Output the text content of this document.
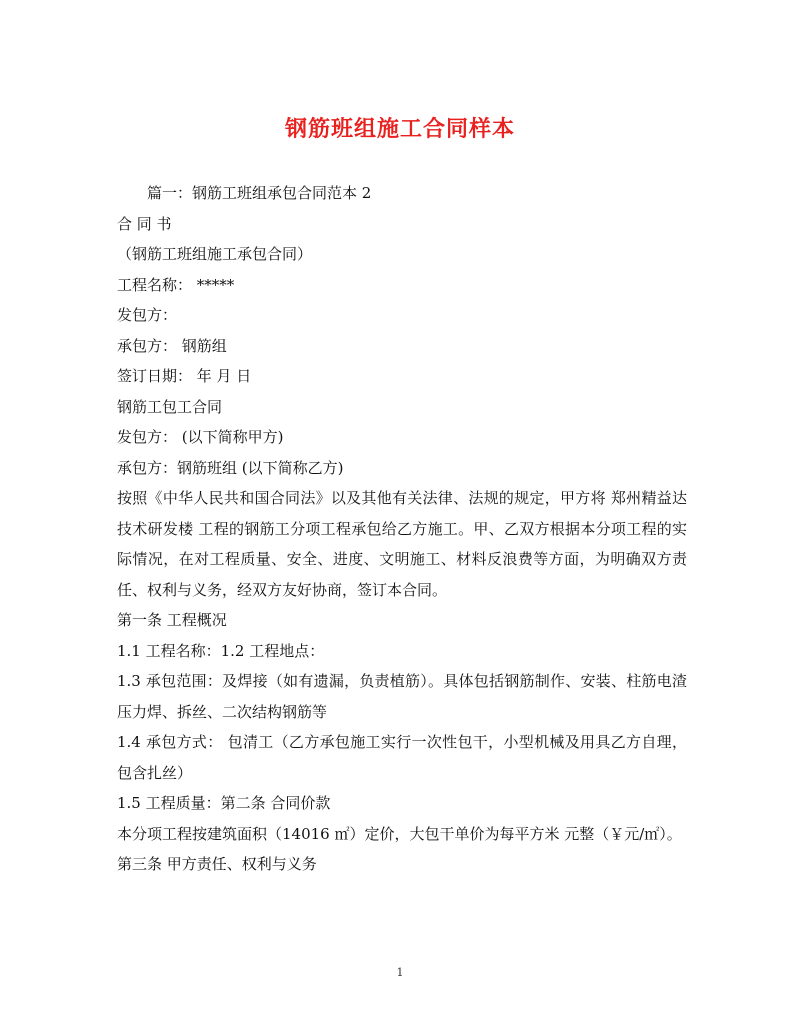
钢筋班组施工合同样本
篇一：钢筋工班组承包合同范本 2
合 同 书
（钢筋工班组施工承包合同）
工程名称： *****
发包方：
承包方： 钢筋组
签订日期： 年 月 日
钢筋工包工合同
发包方： (以下简称甲方)
承包方：钢筋班组 (以下简称乙方)
按照《中华人民共和国合同法》以及其他有关法律、法规的规定，甲方将 郑州精益达技术研发楼 工程的钢筋工分项工程承包给乙方施工。甲、乙双方根据本分项工程的实际情况，在对工程质量、安全、进度、文明施工、材料反浪费等方面，为明确双方责任、权利与义务，经双方友好协商，签订本合同。
第一条 工程概况
1.1 工程名称：1.2 工程地点：
1.3 承包范围：及焊接（如有遗漏，负责植筋）。具体包括钢筋制作、安装、柱筋电渣压力焊、拆丝、二次结构钢筋等
1.4 承包方式： 包清工（乙方承包施工实行一次性包干，小型机械及用具乙方自理，包含扎丝）
1.5 工程质量：第二条 合同价款
本分项工程按建筑面积（14016 ㎡）定价，大包干单价为每平方米 元整（￥元/㎡）。
第三条 甲方责任、权利与义务
1
